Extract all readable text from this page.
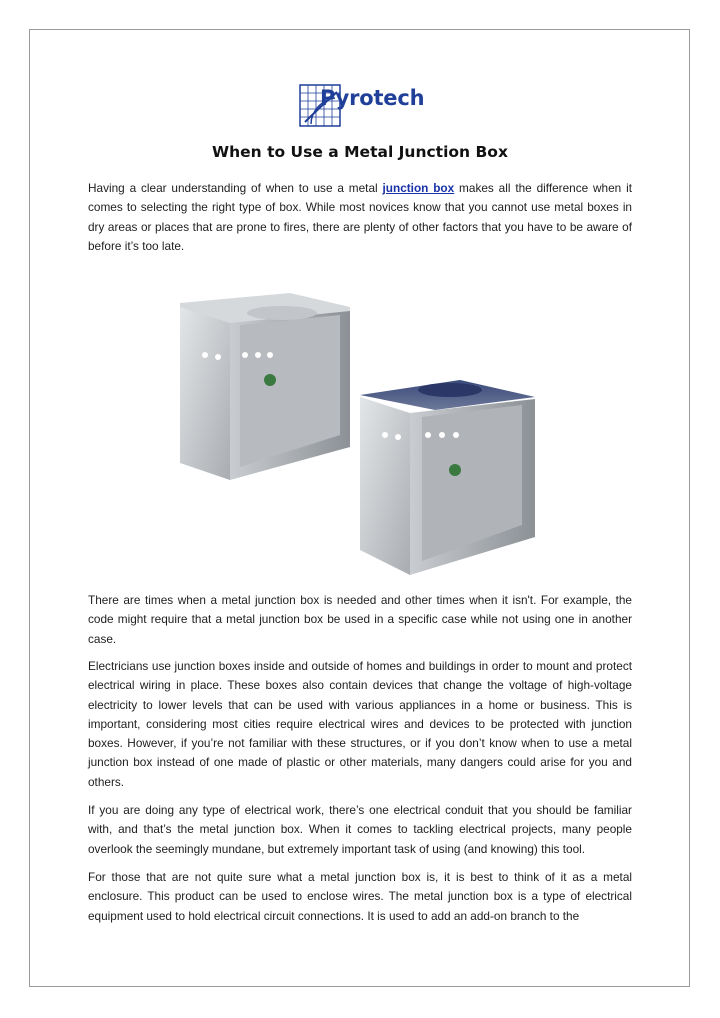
Pyrotech
When to Use a Metal Junction Box

Having a clear understanding of when to use a metal junction box makes all the difference when it comes to selecting the right type of box. While most novices know that you cannot use metal boxes in dry areas or places that are prone to fires, there are plenty of other factors that you have to be aware of before it’s too late.

There are times when a metal junction box is needed and other times when it isn't. For example, the code might require that a metal junction box be used in a specific case while not using one in another case.

Electricians use junction boxes inside and outside of homes and buildings in order to mount and protect electrical wiring in place. These boxes also contain devices that change the voltage of high-voltage electricity to lower levels that can be used with various appliances in a home or business. This is important, considering most cities require electrical wires and devices to be protected with junction boxes. However, if you’re not familiar with these structures, or if you don’t know when to use a metal junction box instead of one made of plastic or other materials, many dangers could arise for you and others.

If you are doing any type of electrical work, there’s one electrical conduit that you should be familiar with, and that’s the metal junction box. When it comes to tackling electrical projects, many people overlook the seemingly mundane, but extremely important task of using (and knowing) this tool.

For those that are not quite sure what a metal junction box is, it is best to think of it as a metal enclosure. This product can be used to enclose wires. The metal junction box is a type of electrical equipment used to hold electrical circuit connections. It is used to add an add-on branch to the
